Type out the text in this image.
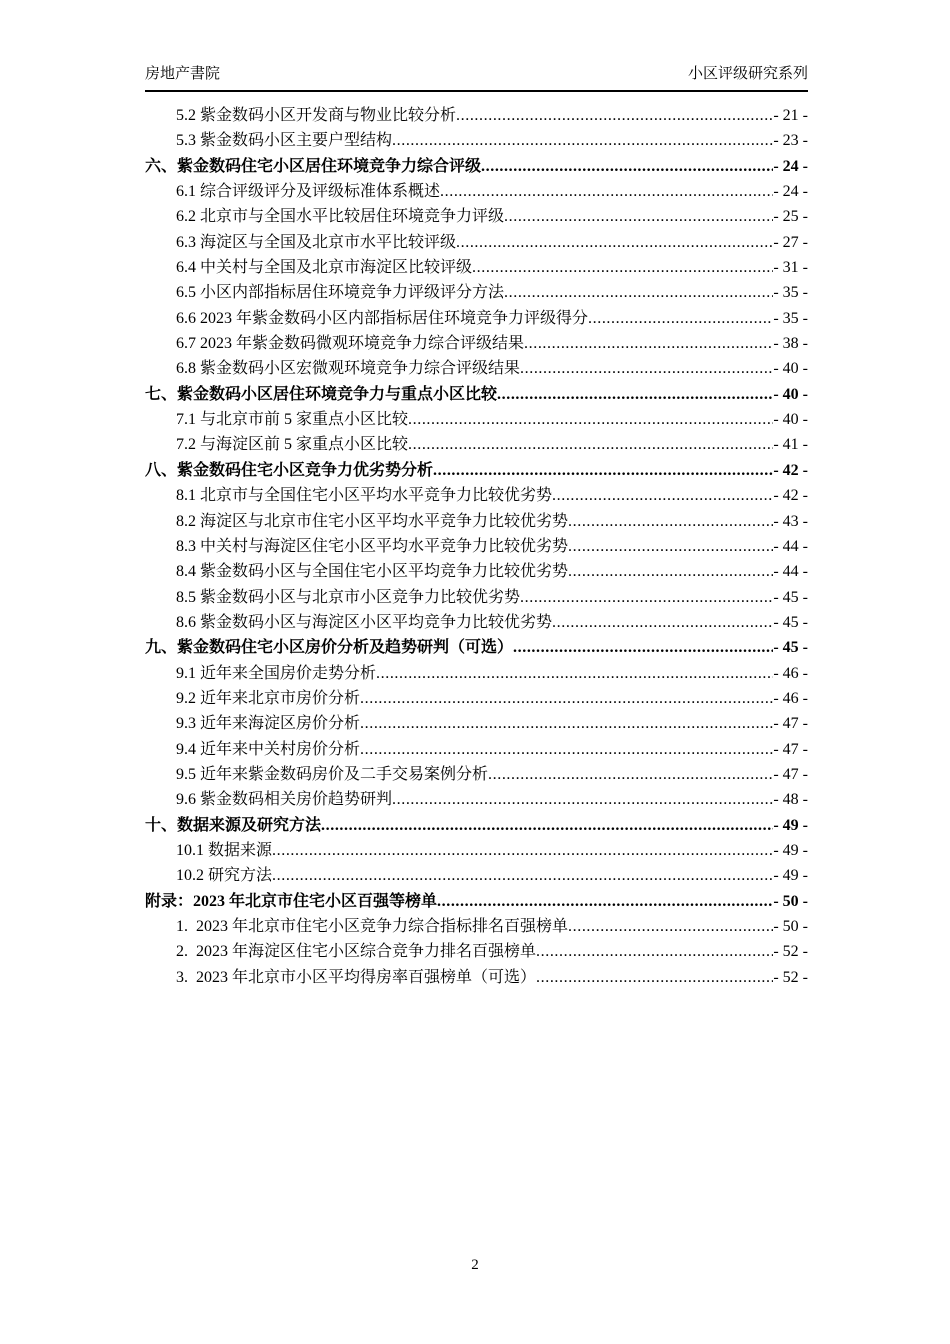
房地产書院	小区评级研究系列
5.2 紫金数码小区开发商与物业比较分析 .....	- 21 -
5.3 紫金数码小区主要户型结构 .....	- 23 -
六、紫金数码住宅小区居住环境竞争力综合评级 .....	- 24 -
6.1 综合评级评分及评级标准体系概述 .....	- 24 -
6.2 北京市与全国水平比较居住环境竞争力评级 .....	- 25 -
6.3 海淀区与全国及北京市水平比较评级 .....	- 27 -
6.4 中关村与全国及北京市海淀区比较评级 .....	- 31 -
6.5 小区内部指标居住环境竞争力评级评分方法 .....	- 35 -
6.6 2023 年紫金数码小区内部指标居住环境竞争力评级得分 .....	- 35 -
6.7 2023 年紫金数码微观环境竞争力综合评级结果 .....	- 38 -
6.8 紫金数码小区宏微观环境竞争力综合评级结果 .....	- 40 -
七、紫金数码小区居住环境竞争力与重点小区比较 .....	- 40 -
7.1 与北京市前 5 家重点小区比较 .....	- 40 -
7.2 与海淀区前 5 家重点小区比较 .....	- 41 -
八、紫金数码住宅小区竞争力优劣势分析 .....	- 42 -
8.1 北京市与全国住宅小区平均水平竞争力比较优劣势 .....	- 42 -
8.2 海淀区与北京市住宅小区平均水平竞争力比较优劣势 .....	- 43 -
8.3 中关村与海淀区住宅小区平均水平竞争力比较优劣势 .....	- 44 -
8.4 紫金数码小区与全国住宅小区平均竞争力比较优劣势 .....	- 44 -
8.5 紫金数码小区与北京市小区竞争力比较优劣势 .....	- 45 -
8.6 紫金数码小区与海淀区小区平均竞争力比较优劣势 .....	- 45 -
九、紫金数码住宅小区房价分析及趋势研判（可选） .....	- 45 -
9.1 近年来全国房价走势分析 .....	- 46 -
9.2 近年来北京市房价分析 .....	- 46 -
9.3 近年来海淀区房价分析 .....	- 47 -
9.4 近年来中关村房价分析 .....	- 47 -
9.5 近年来紫金数码房价及二手交易案例分析 .....	- 47 -
9.6 紫金数码相关房价趋势研判 .....	- 48 -
十、数据来源及研究方法 .....	- 49 -
10.1 数据来源 .....	- 49 -
10.2 研究方法 .....	- 49 -
附录：2023 年北京市住宅小区百强等榜单 .....	- 50 -
1.  2023 年北京市住宅小区竞争力综合指标排名百强榜单 .....	- 50 -
2.  2023 年海淀区住宅小区综合竞争力排名百强榜单 .....	- 52 -
3.  2023 年北京市小区平均得房率百强榜单（可选） .....	- 52 -
2
